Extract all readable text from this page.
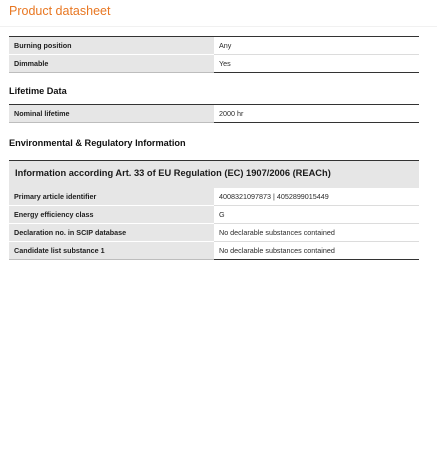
Product datasheet
Burning position	Any
Dimmable	Yes
Lifetime Data
Nominal lifetime	2000 hr
Environmental & Regulatory Information
Information according Art. 33 of EU Regulation (EC) 1907/2006 (REACh)
Primary article identifier	4008321097873 | 4052899015449
Energy efficiency class	G
Declaration no. in SCIP database	No declarable substances contained
Candidate list substance 1	No declarable substances contained
